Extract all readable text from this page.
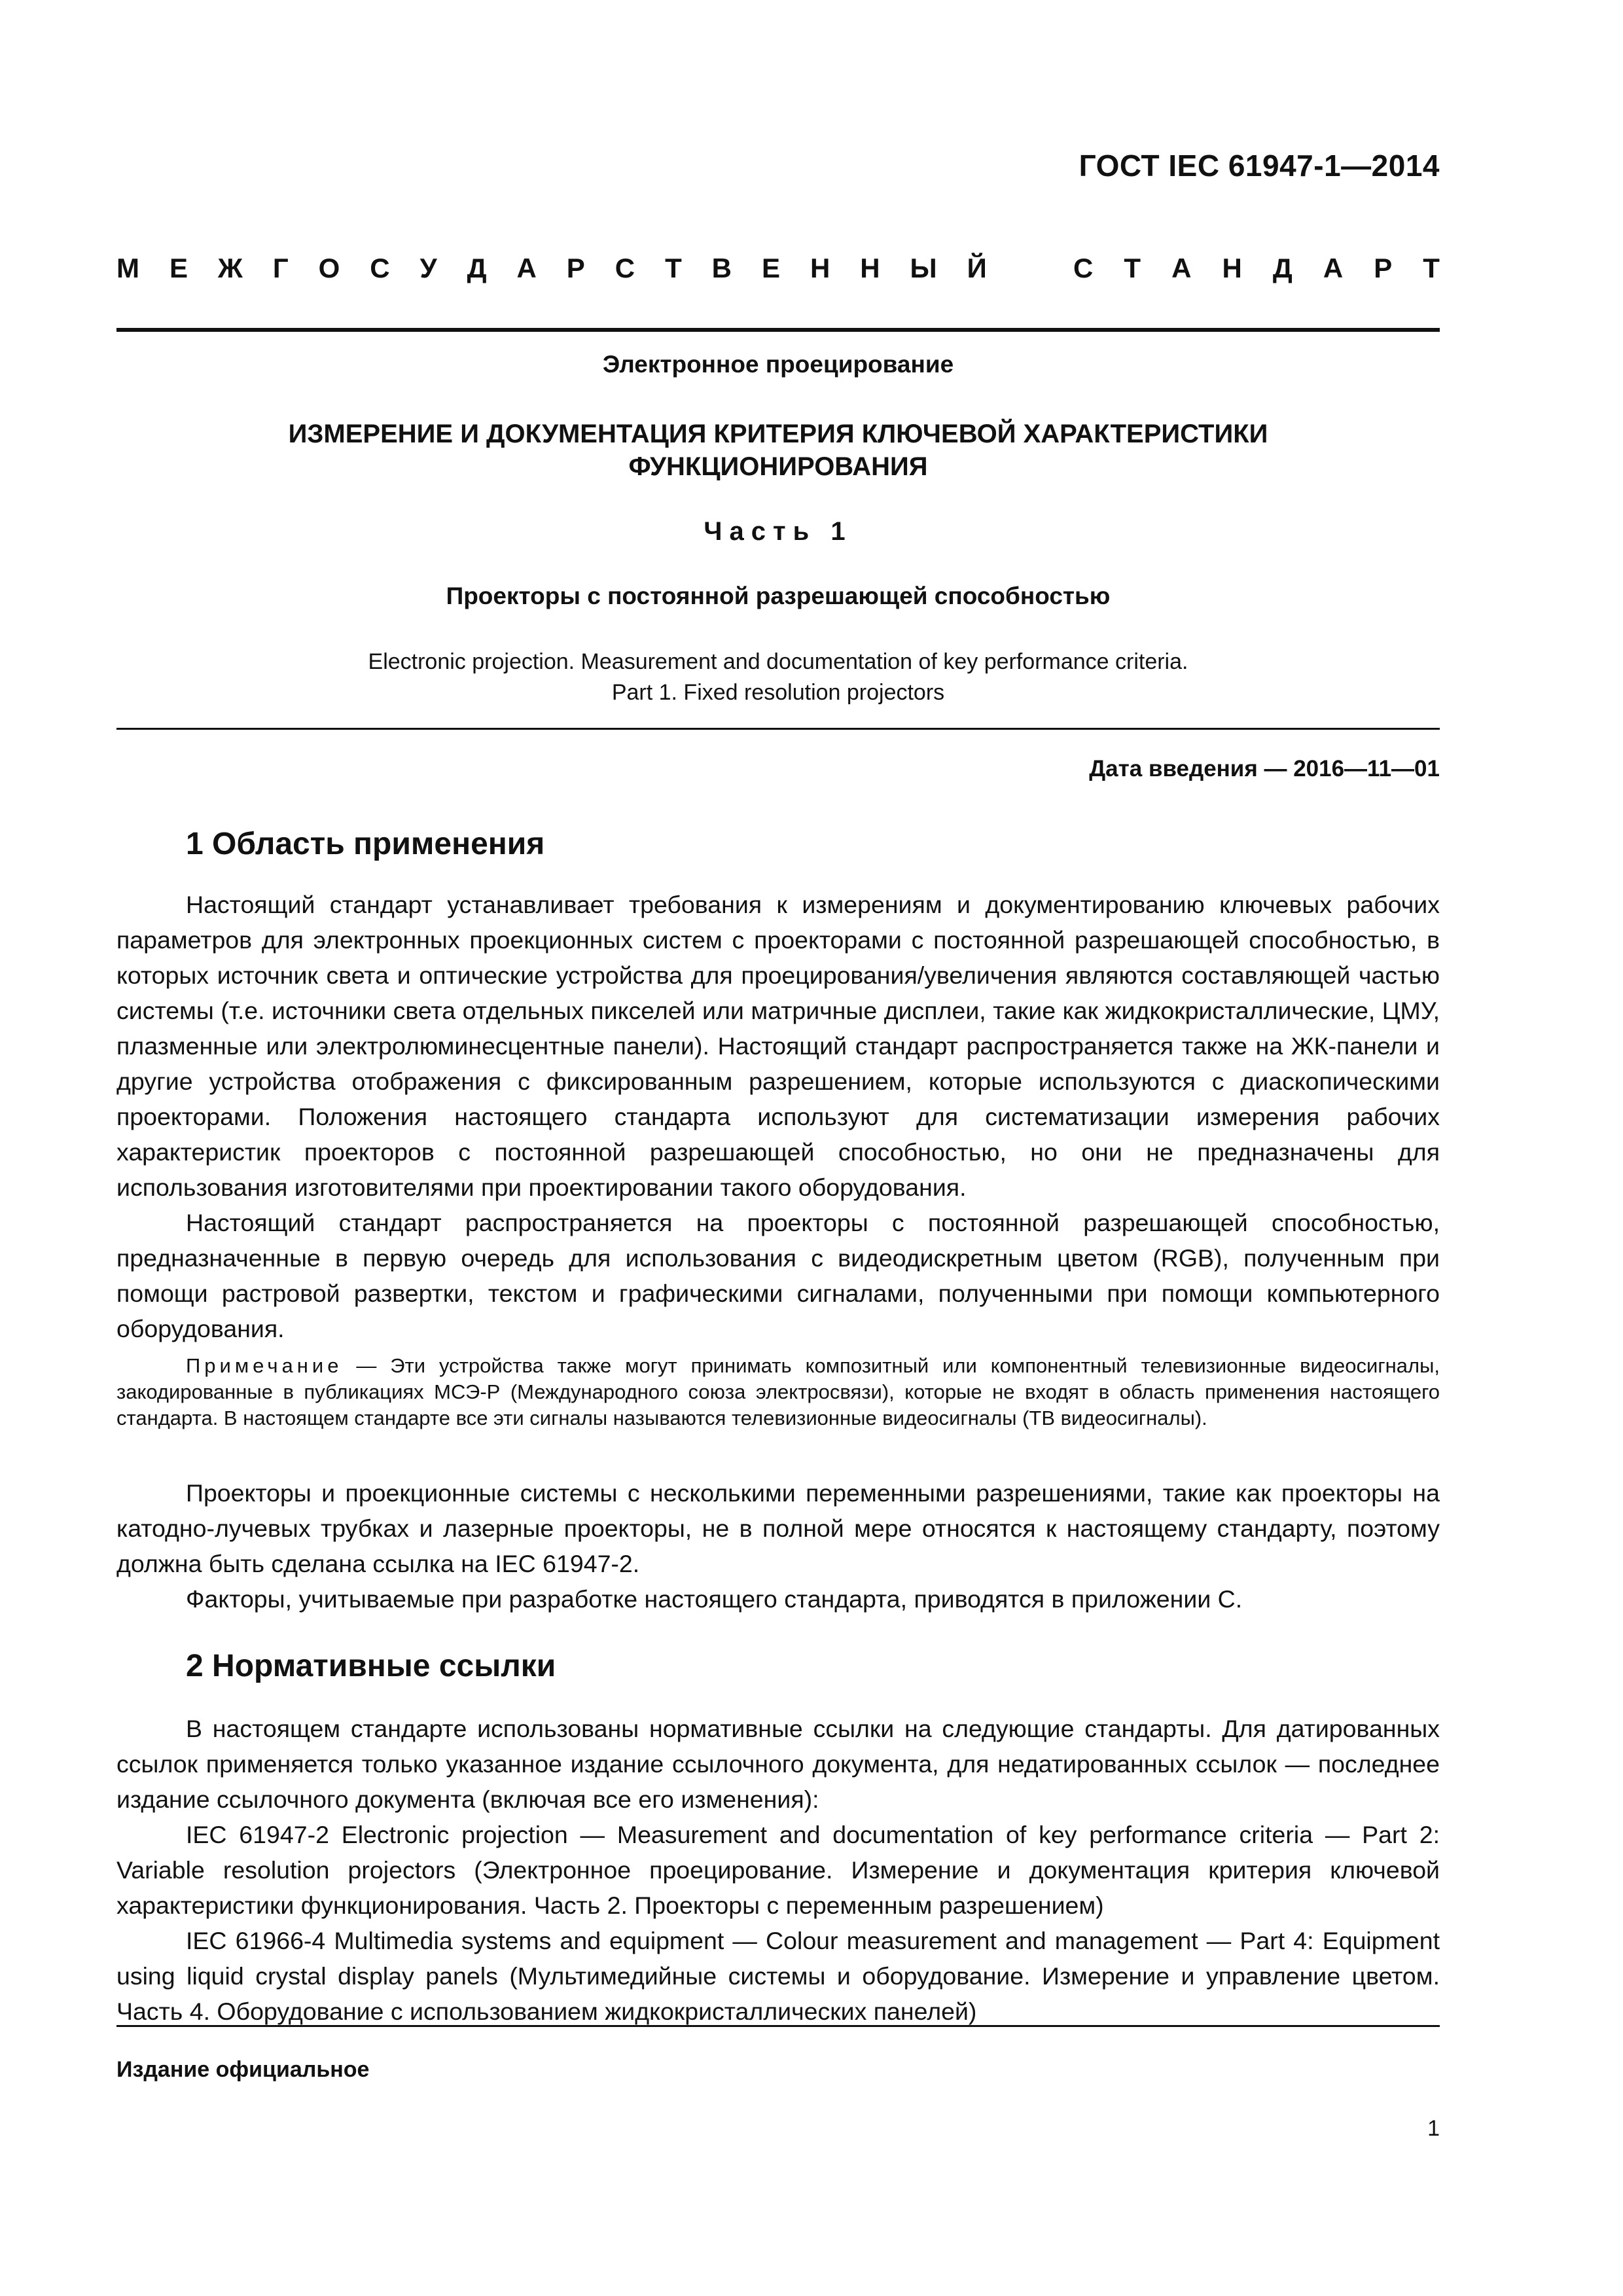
ГОСТ IEC 61947-1—2014
М Е Ж Г О С У Д А Р С Т В Е Н Н Ы Й	С Т А Н Д А Р Т
Электронное проецирование
ИЗМЕРЕНИЕ И ДОКУМЕНТАЦИЯ КРИТЕРИЯ КЛЮЧЕВОЙ ХАРАКТЕРИСТИКИ ФУНКЦИОНИРОВАНИЯ
Часть 1
Проекторы с постоянной разрешающей способностью
Electronic projection. Measurement and documentation of key performance criteria.
Part 1. Fixed resolution projectors
Дата введения — 2016—11—01
1 Область применения

Настоящий стандарт устанавливает требования к измерениям и документированию ключевых рабочих параметров для электронных проекционных систем с проекторами с постоянной разрешающей способностью, в которых источник света и оптические устройства для проецирования/увеличения являются составляющей частью системы (т.е. источники света отдельных пикселей или матричные дисплеи, такие как жидкокристаллические, ЦМУ, плазменные или электролюминесцентные панели). Настоящий стандарт распространяется также на ЖК-панели и другие устройства отображения с фиксированным разрешением, которые используются с диаскопическими проекторами. Положения настоящего стандарта используют для систематизации измерения рабочих характеристик проекторов с постоянной разрешающей способностью, но они не предназначены для использования изготовителями при проектировании такого оборудования.

Настоящий стандарт распространяется на проекторы с постоянной разрешающей способностью, предназначенные в первую очередь для использования с видеодискретным цветом (RGB), полученным при помощи растровой развертки, текстом и графическими сигналами, полученными при помощи компьютерного оборудования.

Примечание — Эти устройства также могут принимать композитный или компонентный телевизионные видеосигналы, закодированные в публикациях МСЭ-Р (Международного союза электросвязи), которые не входят в область применения настоящего стандарта. В настоящем стандарте все эти сигналы называются телевизионные видеосигналы (ТВ видеосигналы).

Проекторы и проекционные системы с несколькими переменными разрешениями, такие как проекторы на катодно-лучевых трубках и лазерные проекторы, не в полной мере относятся к настоящему стандарту, поэтому должна быть сделана ссылка на IEC 61947-2.

Факторы, учитываемые при разработке настоящего стандарта, приводятся в приложении С.

2 Нормативные ссылки

В настоящем стандарте использованы нормативные ссылки на следующие стандарты. Для датированных ссылок применяется только указанное издание ссылочного документа, для недатированных ссылок — последнее издание ссылочного документа (включая все его изменения):

IEC 61947-2 Electronic projection — Measurement and documentation of key performance criteria — Part 2: Variable resolution projectors (Электронное проецирование. Измерение и документация критерия ключевой характеристики функционирования. Часть 2. Проекторы с переменным разрешением)

IEC 61966-4 Multimedia systems and equipment — Colour measurement and management — Part 4: Equipment using liquid crystal display panels (Мультимедийные системы и оборудование. Измерение и управление цветом. Часть 4. Оборудование с использованием жидкокристаллических панелей)

Издание официальное
1
